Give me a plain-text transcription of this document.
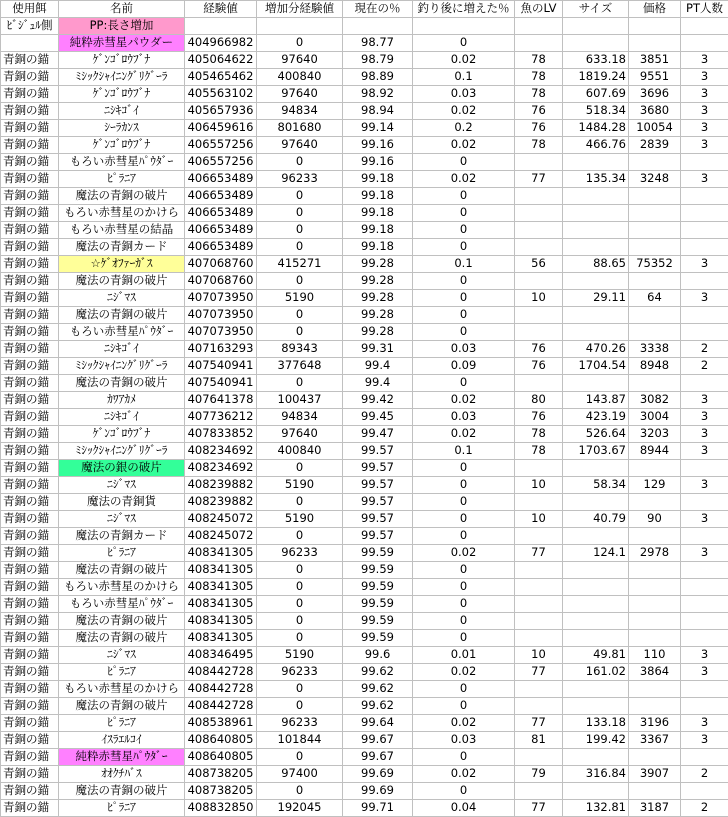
使用餌	名前	経験値	増加分経験値	現在の％	釣り後に増えた％	魚のLV	サイズ	価格	PT人数
ﾋﾞｼﾞｭﾙ側	PP:長さ増加								
	純粋赤彗星パウダー	404966982	0	98.77	0				
青銅の錨	ｹﾞﾝｺﾞﾛｳﾌﾞﾅ	405064622	97640	98.79	0.02	78	633.18	3851	3
青銅の錨	ﾐｼｯｸｼｬｲﾆﾝｸﾞﾘｸﾞｰﾗ	405465462	400840	98.89	0.1	78	1819.24	9551	3
青銅の錨	ｹﾞﾝｺﾞﾛｳﾌﾞﾅ	405563102	97640	98.92	0.03	78	607.69	3696	3
青銅の錨	ﾆｼｷｺﾞｲ	405657936	94834	98.94	0.02	76	518.34	3680	3
青銅の錨	ｼｰﾗｶﾝｽ	406459616	801680	99.14	0.2	76	1484.28	10054	3
青銅の錨	ｹﾞﾝｺﾞﾛｳﾌﾞﾅ	406557256	97640	99.16	0.02	78	466.76	2839	3
青銅の錨	もろい赤彗星ﾊﾟｳﾀﾞｰ	406557256	0	99.16	0				
青銅の錨	ﾋﾟﾗﾆｱ	406653489	96233	99.18	0.02	77	135.34	3248	3
青銅の錨	魔法の青銅の破片	406653489	0	99.18	0				
青銅の錨	もろい赤彗星のかけら	406653489	0	99.18	0				
青銅の錨	もろい赤彗星の結晶	406653489	0	99.18	0				
青銅の錨	魔法の青銅カード	406653489	0	99.18	0				
青銅の錨	☆ｹﾞｵﾌｧｰｶﾞｽ	407068760	415271	99.28	0.1	56	88.65	75352	3
青銅の錨	魔法の青銅の破片	407068760	0	99.28	0				
青銅の錨	ﾆｼﾞﾏｽ	407073950	5190	99.28	0	10	29.11	64	3
青銅の錨	魔法の青銅の破片	407073950	0	99.28	0				
青銅の錨	もろい赤彗星ﾊﾟｳﾀﾞｰ	407073950	0	99.28	0				
青銅の錨	ﾆｼｷｺﾞｲ	407163293	89343	99.31	0.03	76	470.26	3338	2
青銅の錨	ﾐｼｯｸｼｬｲﾆﾝｸﾞﾘｸﾞｰﾗ	407540941	377648	99.4	0.09	76	1704.54	8948	2
青銅の錨	魔法の青銅の破片	407540941	0	99.4	0				
青銅の錨	ｶﾜｱｶﾒ	407641378	100437	99.42	0.02	80	143.87	3082	3
青銅の錨	ﾆｼｷｺﾞｲ	407736212	94834	99.45	0.03	76	423.19	3004	3
青銅の錨	ｹﾞﾝｺﾞﾛｳﾌﾞﾅ	407833852	97640	99.47	0.02	78	526.64	3203	3
青銅の錨	ﾐｼｯｸｼｬｲﾆﾝｸﾞﾘｸﾞｰﾗ	408234692	400840	99.57	0.1	78	1703.67	8944	3
青銅の錨	魔法の銀の破片	408234692	0	99.57	0				
青銅の錨	ﾆｼﾞﾏｽ	408239882	5190	99.57	0	10	58.34	129	3
青銅の錨	魔法の青銅貨	408239882	0	99.57	0				
青銅の錨	ﾆｼﾞﾏｽ	408245072	5190	99.57	0	10	40.79	90	3
青銅の錨	魔法の青銅カード	408245072	0	99.57	0				
青銅の錨	ﾋﾟﾗﾆｱ	408341305	96233	99.59	0.02	77	124.1	2978	3
青銅の錨	魔法の青銅の破片	408341305	0	99.59	0				
青銅の錨	もろい赤彗星のかけら	408341305	0	99.59	0				
青銅の錨	もろい赤彗星ﾊﾟｳﾀﾞｰ	408341305	0	99.59	0				
青銅の錨	魔法の青銅の破片	408341305	0	99.59	0				
青銅の錨	魔法の青銅の破片	408341305	0	99.59	0				
青銅の錨	ﾆｼﾞﾏｽ	408346495	5190	99.6	0.01	10	49.81	110	3
青銅の錨	ﾋﾟﾗﾆｱ	408442728	96233	99.62	0.02	77	161.02	3864	3
青銅の錨	もろい赤彗星のかけら	408442728	0	99.62	0				
青銅の錨	魔法の青銅の破片	408442728	0	99.62	0				
青銅の錨	ﾋﾟﾗﾆｱ	408538961	96233	99.64	0.02	77	133.18	3196	3
青銅の錨	ｲｽﾗｴﾙｺｲ	408640805	101844	99.67	0.03	81	199.42	3367	3
青銅の錨	純粋赤彗星ﾊﾟｳﾀﾞｰ	408640805	0	99.67	0				
青銅の錨	ｵｵｸﾁﾊﾞｽ	408738205	97400	99.69	0.02	79	316.84	3907	2
青銅の錨	魔法の青銅の破片	408738205	0	99.69	0				
青銅の錨	ﾋﾟﾗﾆｱ	408832850	192045	99.71	0.04	77	132.81	3187	2
